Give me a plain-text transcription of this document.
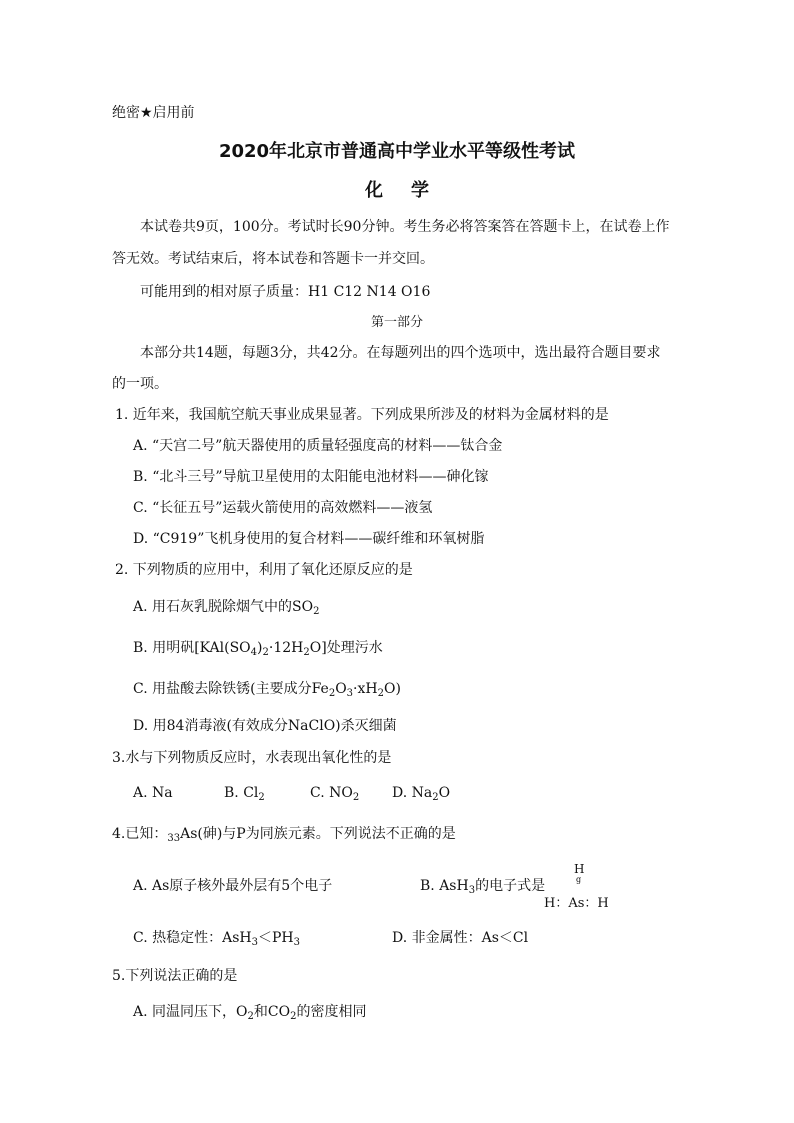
绝密★启用前
2020年北京市普通高中学业水平等级性考试
化学
本试卷共9页，100分。考试时长90分钟。考生务必将答案答在答题卡上，在试卷上作
答无效。考试结束后，将本试卷和答题卡一并交回。
可能用到的相对原子质量：H1 C12 N14 O16
第一部分
本部分共14题，每题3分，共42分。在每题列出的四个选项中，选出最符合题目要求
的一项。
1. 近年来，我国航空航天事业成果显著。下列成果所涉及的材料为金属材料的是
A. “天宫二号”航天器使用的质量轻强度高的材料——钛合金
B. “北斗三号”导航卫星使用的太阳能电池材料——砷化镓
C. “长征五号”运载火箭使用的高效燃料——液氢
D. “C919”飞机身使用的复合材料——碳纤维和环氧树脂
2. 下列物质的应用中，利用了氧化还原反应的是
A. 用石灰乳脱除烟气中的$SO_2$
B. 用明矾$[KAl(SO_4)_2\cdot 12H_2O]$处理污水
C. 用盐酸去除铁锈(主要成分$Fe_2O_3\cdot xH_2O$)
D. 用84消毒液(有效成分NaClO)杀灭细菌
3.水与下列物质反应时，水表现出氧化性的是
A. Na	B. $Cl_2$	C. $NO_2$ D. $Na_2O$
4.已知：$_{33}$As(砷)与P为同族元素。下列说法不正确的是
A. As原子核外最外层有5个电子	B. AsH$_3$的电子式是
H
g
H：As：H
C. 热稳定性：$AsH_3<PH_3$	D. 非金属性：As＜Cl
5.下列说法正确的是
A. 同温同压下，$O_2$和$CO_2$的密度相同
